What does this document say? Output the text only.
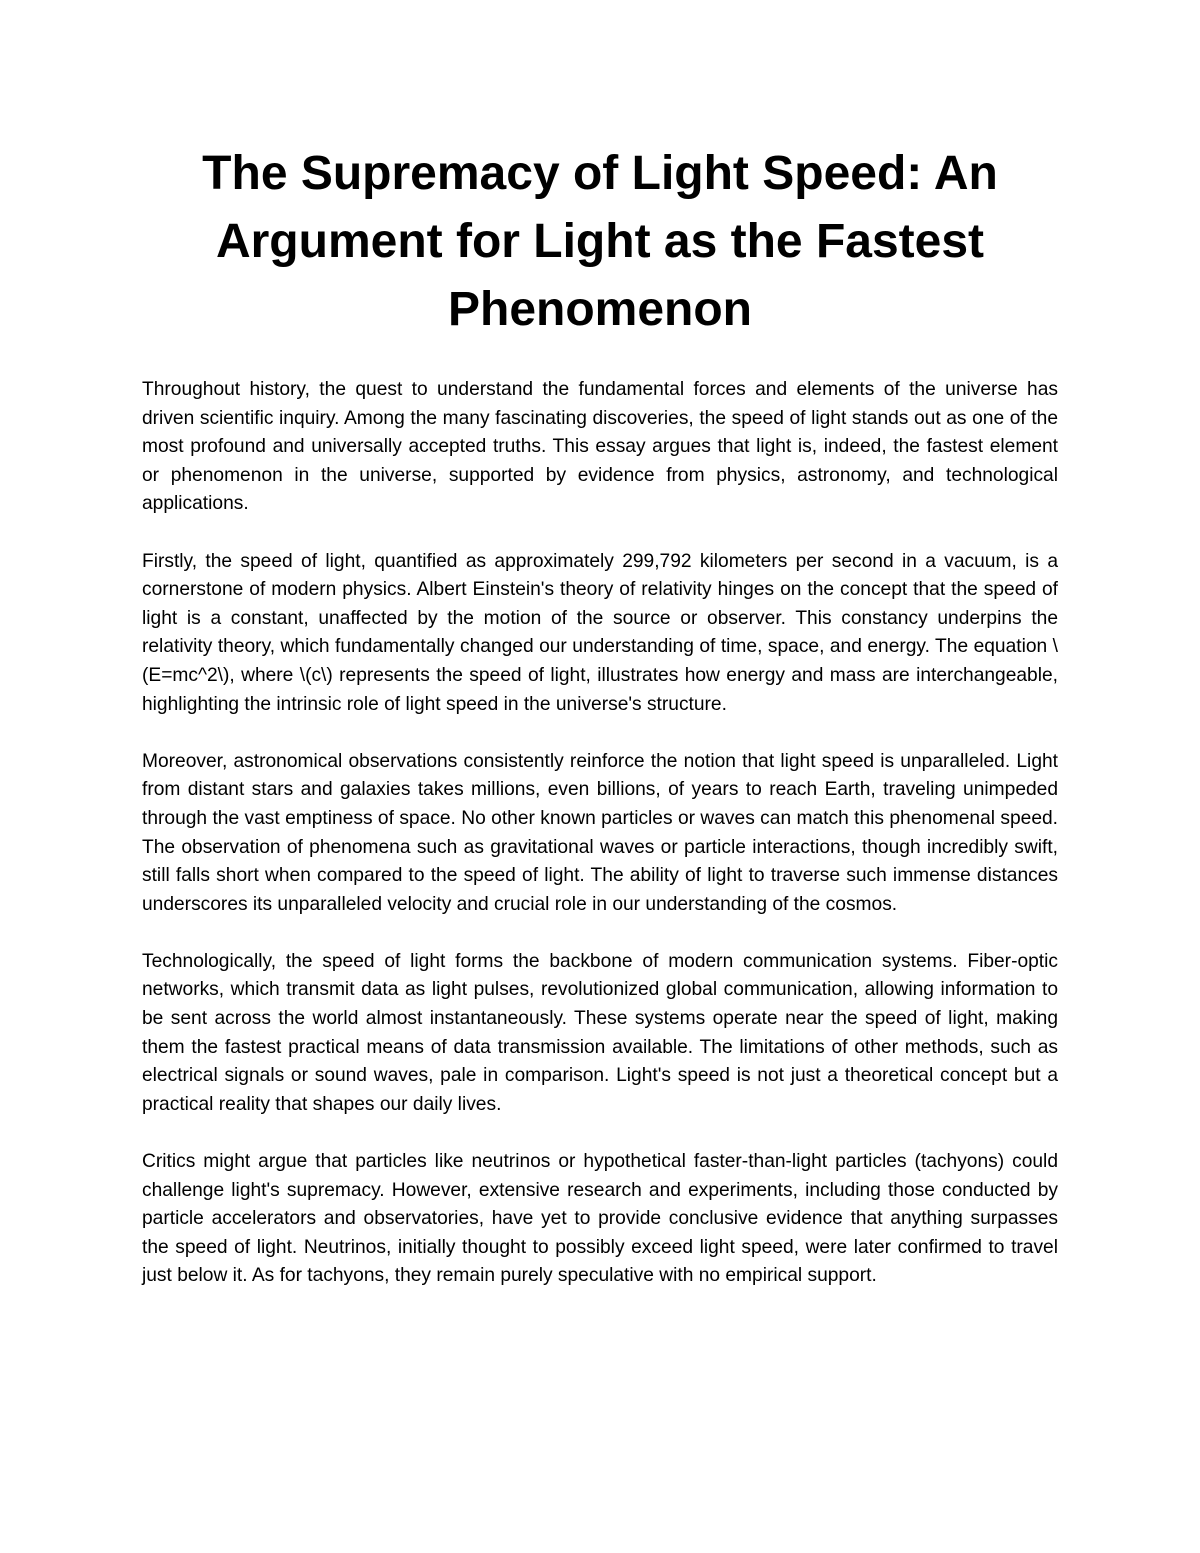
The Supremacy of Light Speed: An Argument for Light as the Fastest Phenomenon

Throughout history, the quest to understand the fundamental forces and elements of the universe has driven scientific inquiry. Among the many fascinating discoveries, the speed of light stands out as one of the most profound and universally accepted truths. This essay argues that light is, indeed, the fastest element or phenomenon in the universe, supported by evidence from physics, astronomy, and technological applications.

Firstly, the speed of light, quantified as approximately 299,792 kilometers per second in a vacuum, is a cornerstone of modern physics. Albert Einstein's theory of relativity hinges on the concept that the speed of light is a constant, unaffected by the motion of the source or observer. This constancy underpins the relativity theory, which fundamentally changed our understanding of time, space, and energy. The equation \(E=mc^2\), where \(c\) represents the speed of light, illustrates how energy and mass are interchangeable, highlighting the intrinsic role of light speed in the universe's structure.

Moreover, astronomical observations consistently reinforce the notion that light speed is unparalleled. Light from distant stars and galaxies takes millions, even billions, of years to reach Earth, traveling unimpeded through the vast emptiness of space. No other known particles or waves can match this phenomenal speed. The observation of phenomena such as gravitational waves or particle interactions, though incredibly swift, still falls short when compared to the speed of light. The ability of light to traverse such immense distances underscores its unparalleled velocity and crucial role in our understanding of the cosmos.

Technologically, the speed of light forms the backbone of modern communication systems. Fiber-optic networks, which transmit data as light pulses, revolutionized global communication, allowing information to be sent across the world almost instantaneously. These systems operate near the speed of light, making them the fastest practical means of data transmission available. The limitations of other methods, such as electrical signals or sound waves, pale in comparison. Light's speed is not just a theoretical concept but a practical reality that shapes our daily lives.

Critics might argue that particles like neutrinos or hypothetical faster-than-light particles (tachyons) could challenge light's supremacy. However, extensive research and experiments, including those conducted by particle accelerators and observatories, have yet to provide conclusive evidence that anything surpasses the speed of light. Neutrinos, initially thought to possibly exceed light speed, were later confirmed to travel just below it. As for tachyons, they remain purely speculative with no empirical support.
